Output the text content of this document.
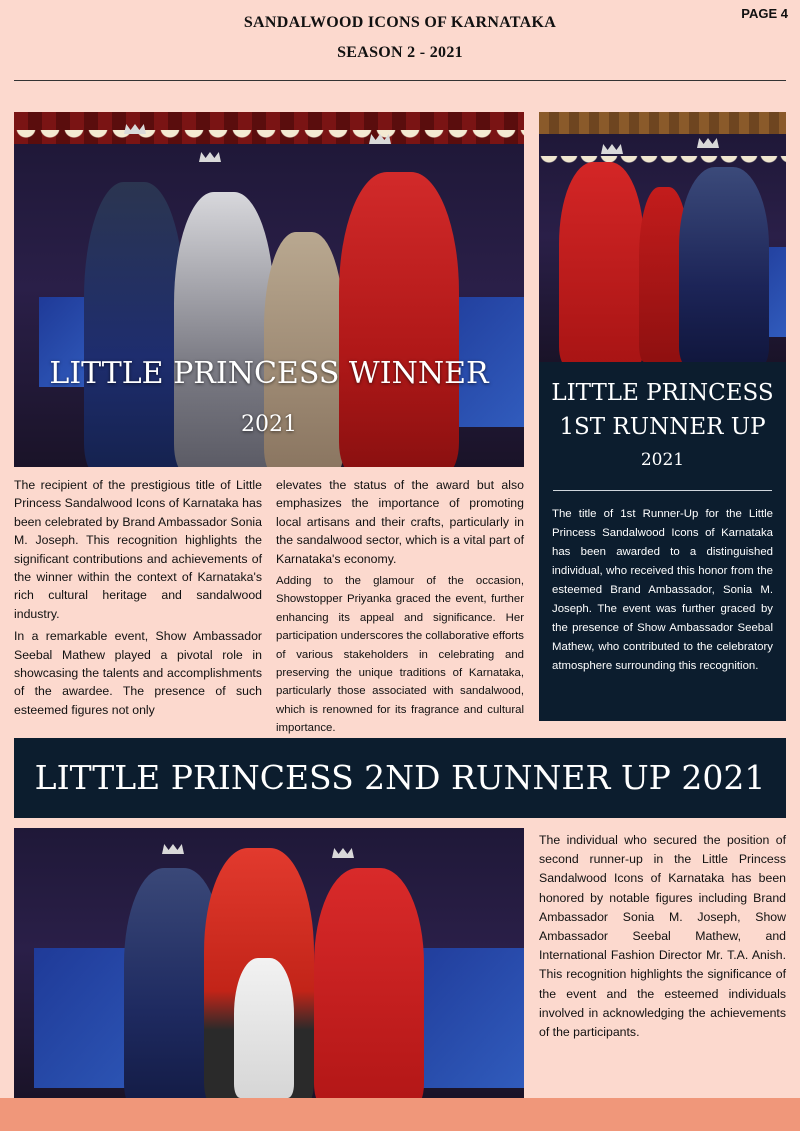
PAGE 4
SANDALWOOD ICONS OF KARNATAKA
SEASON 2 - 2021
LITTLE PRINCESS WINNER
2021
LITTLE PRINCESS
1ST RUNNER UP
2021
The title of 1st Runner-Up for the Little Princess Sandalwood Icons of Karnataka has been awarded to a distinguished individual, who received this honor from the esteemed Brand Ambassador, Sonia M. Joseph. The event was further graced by the presence of Show Ambassador Seebal Mathew, who contributed to the celebratory atmosphere surrounding this recognition.

The recipient of the prestigious title of Little Princess Sandalwood Icons of Karnataka has been celebrated by Brand Ambassador Sonia M. Joseph. This recognition highlights the significant contributions and achievements of the winner within the context of Karnataka's rich cultural heritage and sandalwood industry.

In a remarkable event, Show Ambassador Seebal Mathew played a pivotal role in showcasing the talents and accomplishments of the awardee. The presence of such esteemed figures not only

elevates the status of the award but also emphasizes the importance of promoting local artisans and their crafts, particularly in the sandalwood sector, which is a vital part of Karnataka's economy.

Adding to the glamour of the occasion, Showstopper Priyanka graced the event, further enhancing its appeal and significance. Her participation underscores the collaborative efforts of various stakeholders in celebrating and preserving the unique traditions of Karnataka, particularly those associated with sandalwood, which is renowned for its fragrance and cultural importance.

LITTLE PRINCESS 2ND RUNNER UP 2021
The individual who secured the position of second runner-up in the Little Princess Sandalwood Icons of Karnataka has been honored by notable figures including Brand Ambassador Sonia M. Joseph, Show Ambassador Seebal Mathew, and International Fashion Director Mr. T.A. Anish. This recognition highlights the significance of the event and the esteemed individuals involved in acknowledging the achievements of the participants.
